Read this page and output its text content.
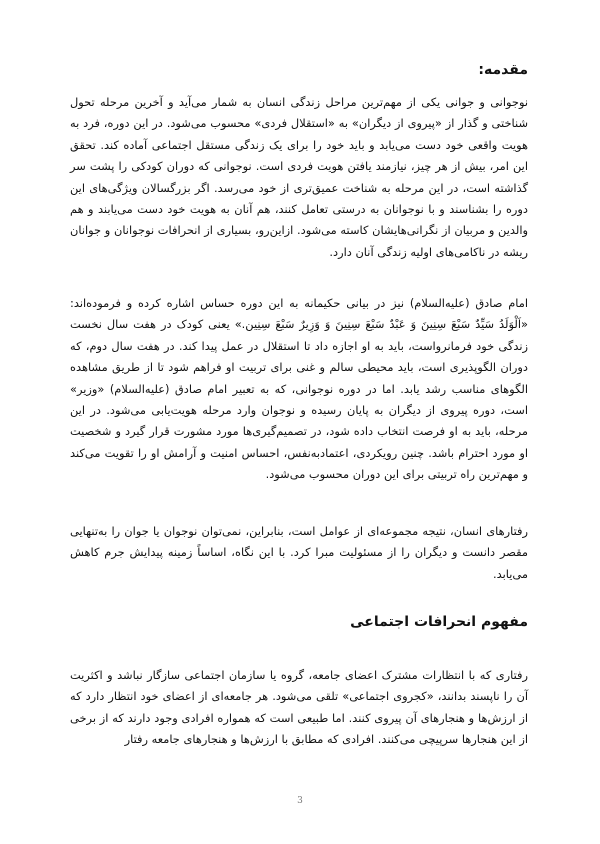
مقدمه:

نوجوانی و جوانی یکی از مهم‌ترین مراحل زندگی انسان به شمار می‌آید و آخرین مرحله تحول شناختی و گذار از «پیروی از دیگران» به «استقلال فردی» محسوب می‌شود. در این دوره، فرد به هویت واقعی خود دست می‌یابد و باید خود را برای یک زندگی مستقل اجتماعی آماده کند. تحقق این امر، بیش از هر چیز، نیازمند یافتن هویت فردی است. نوجوانی که دوران کودکی را پشت سر گذاشته است، در این مرحله به شناخت عمیق‌تری از خود می‌رسد. اگر بزرگسالان ویژگی‌های این دوره را بشناسند و با نوجوانان به درستی تعامل کنند، هم آنان به هویت خود دست می‌یابند و هم والدین و مربیان از نگرانی‌هایشان کاسته می‌شود. ازاین‌رو، بسیاری از انحرافات نوجوانان و جوانان ریشه در ناکامی‌های اولیه زندگی آنان دارد.

امام صادق (علیه‌السلام) نیز در بیانی حکیمانه به این دوره حساس اشاره کرده و فرموده‌اند: «اَلْوَلَدُ سَیِّدٌ سَبْعَ سِنِینَ وَ عَبْدٌ سَبْعَ سِنِینَ وَ وَزِیرٌ سَبْعَ سِنِین.» یعنی کودک در هفت سال نخست زندگی خود فرمانرواست، باید به او اجازه داد تا استقلال در عمل پیدا کند. در هفت سال دوم، که دوران الگوپذیری است، باید محیطی سالم و غنی برای تربیت او فراهم شود تا از طریق مشاهده الگوهای مناسب رشد یابد. اما در دوره نوجوانی، که به تعبیر امام صادق (علیه‌السلام) «وزیر» است، دوره پیروی از دیگران به پایان رسیده و نوجوان وارد مرحله هویت‌یابی می‌شود. در این مرحله، باید به او فرصت انتخاب داده شود، در تصمیم‌گیری‌ها مورد مشورت قرار گیرد و شخصیت او مورد احترام باشد. چنین رویکردی، اعتماد‌به‌نفس، احساس امنیت و آرامش او را تقویت می‌کند و مهم‌ترین راه تربیتی برای این دوران محسوب می‌شود.

رفتارهای انسان، نتیجه مجموعه‌ای از عوامل است، بنابراین، نمی‌توان نوجوان یا جوان را به‌تنهایی مقصر دانست و دیگران را از مسئولیت مبرا کرد. با این نگاه، اساساً زمینه پیدایش جرم کاهش می‌یابد.

مفهوم انحرافات اجتماعی

رفتاری که با انتظارات مشترک اعضای جامعه، گروه یا سازمان اجتماعی سازگار نباشد و اکثریت آن را ناپسند بدانند، «کجروی اجتماعی» تلقی می‌شود. هر جامعه‌ای از اعضای خود انتظار دارد که از ارزش‌ها و هنجارهای آن پیروی کنند. اما طبیعی است که همواره افرادی وجود دارند که از برخی از این هنجارها سرپیچی می‌کنند. افرادی که مطابق با ارزش‌ها و هنجارهای جامعه رفتار

3
